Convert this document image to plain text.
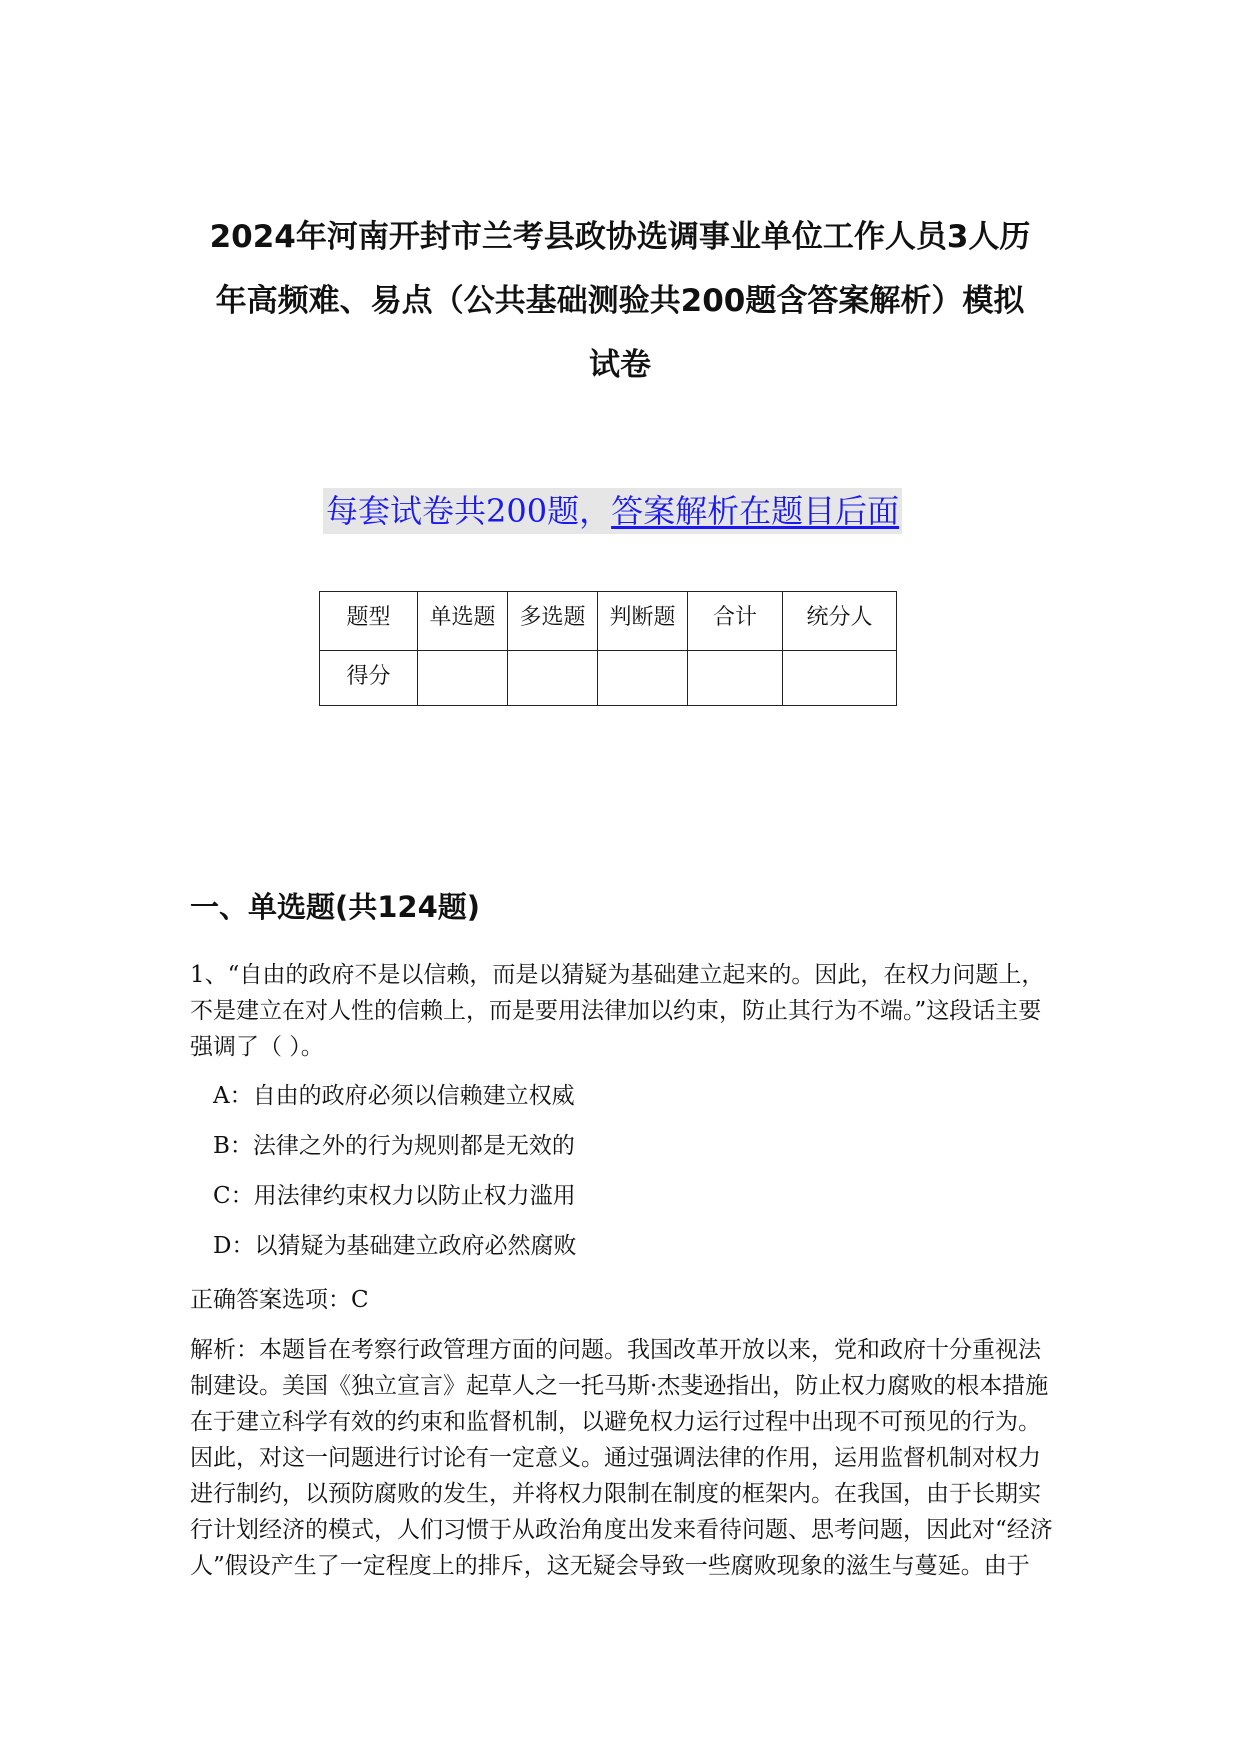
2024年河南开封市兰考县政协选调事业单位工作人员3人历
年高频难、易点（公共基础测验共200题含答案解析）模拟
试卷
每套试卷共200题，答案解析在题目后面
题型	单选题	多选题	判断题	合计	统分人
得分					
一、单选题(共124题)
1、“自由的政府不是以信赖，而是以猜疑为基础建立起来的。因此，在权力问题上，不是建立在对人性的信赖上，而是要用法律加以约束，防止其行为不端。”这段话主要强调了（ ）。
A：自由的政府必须以信赖建立权威
B：法律之外的行为规则都是无效的
C：用法律约束权力以防止权力滥用
D：以猜疑为基础建立政府必然腐败
正确答案选项：C
解析：本题旨在考察行政管理方面的问题。我国改革开放以来，党和政府十分重视法制建设。美国《独立宣言》起草人之一托马斯·杰斐逊指出，防止权力腐败的根本措施在于建立科学有效的约束和监督机制，以避免权力运行过程中出现不可预见的行为。因此，对这一问题进行讨论有一定意义。通过强调法律的作用，运用监督机制对权力进行制约，以预防腐败的发生，并将权力限制在制度的框架内。在我国，由于长期实行计划经济的模式，人们习惯于从政治角度出发来看待问题、思考问题，因此对“经济人”假设产生了一定程度上的排斥，这无疑会导致一些腐败现象的滋生与蔓延。由于
